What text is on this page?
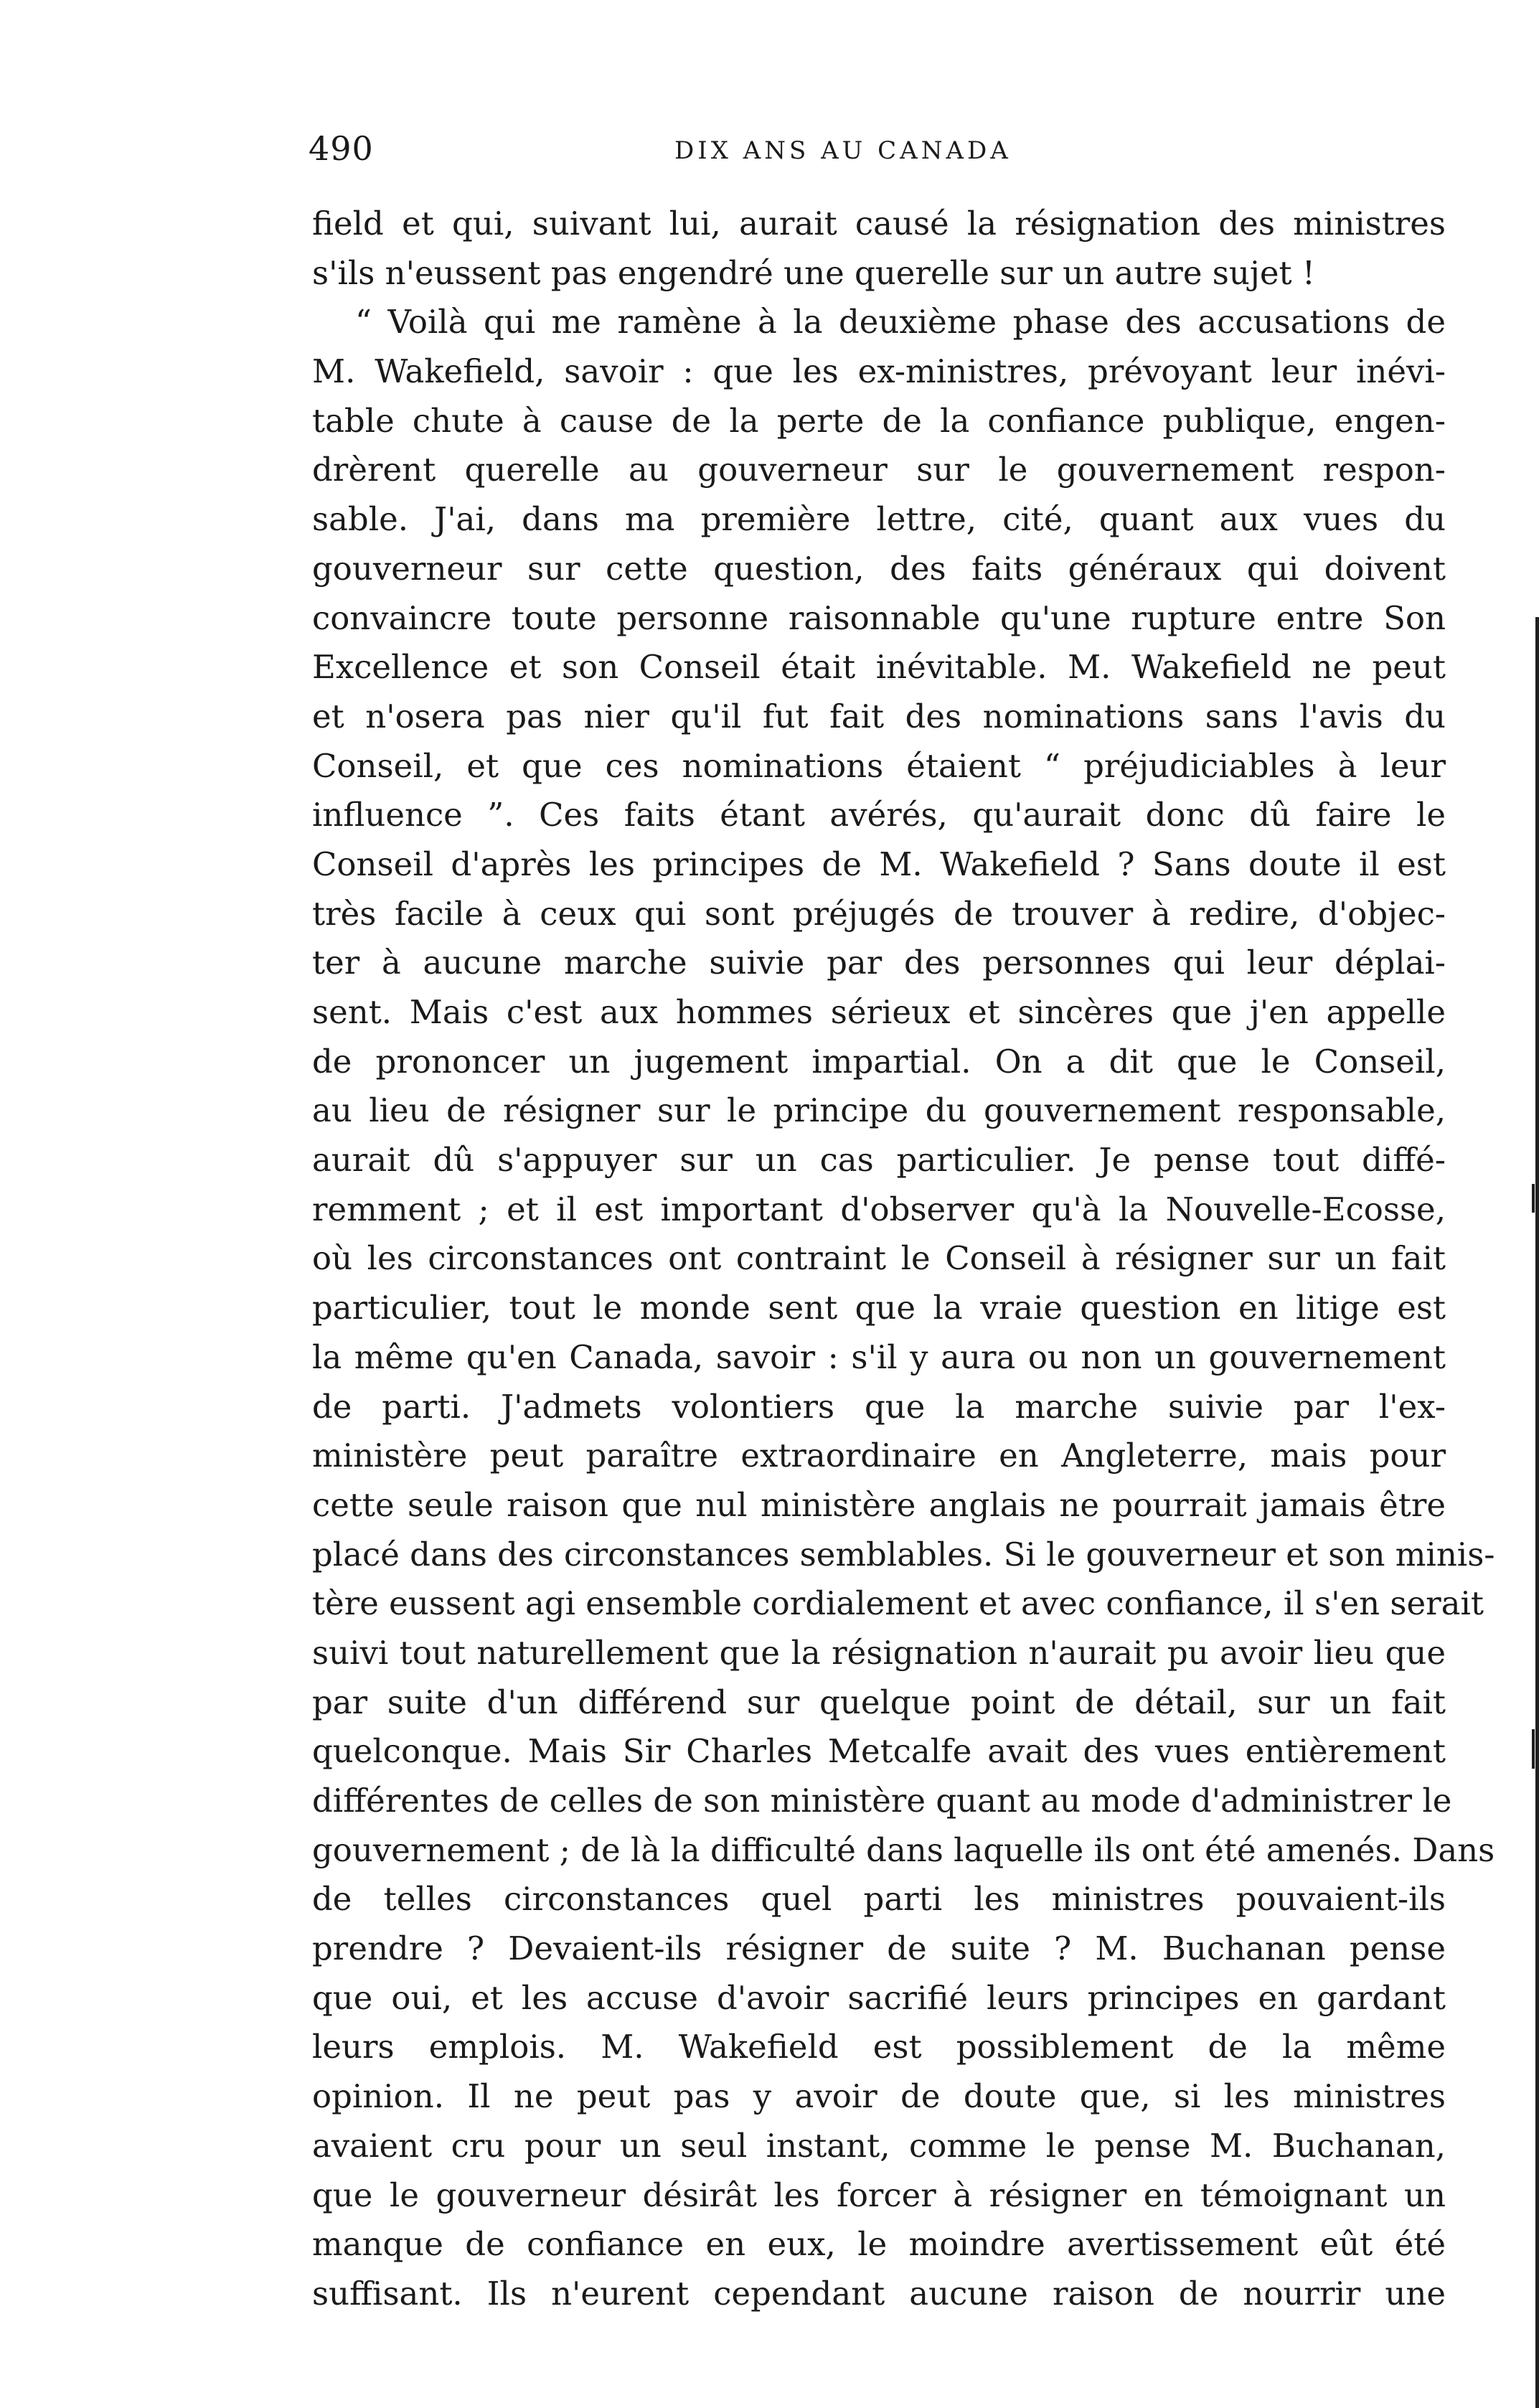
490	DIX ANS AU CANADA
field et qui, suivant lui, aurait causé la résignation des ministres
s'ils n'eussent pas engendré une querelle sur un autre sujet !
“ Voilà qui me ramène à la deuxième phase des accusations de
M. Wakefield, savoir : que les ex-ministres, prévoyant leur inévi-
table chute à cause de la perte de la confiance publique, engen-
drèrent querelle au gouverneur sur le gouvernement respon-
sable. J'ai, dans ma première lettre, cité, quant aux vues du
gouverneur sur cette question, des faits généraux qui doivent
convaincre toute personne raisonnable qu'une rupture entre Son
Excellence et son Conseil était inévitable. M. Wakefield ne peut
et n'osera pas nier qu'il fut fait des nominations sans l'avis du
Conseil, et que ces nominations étaient “ préjudiciables à leur
influence ”. Ces faits étant avérés, qu'aurait donc dû faire le
Conseil d'après les principes de M. Wakefield ? Sans doute il est
très facile à ceux qui sont préjugés de trouver à redire, d'objec-
ter à aucune marche suivie par des personnes qui leur déplai-
sent. Mais c'est aux hommes sérieux et sincères que j'en appelle
de prononcer un jugement impartial. On a dit que le Conseil,
au lieu de résigner sur le principe du gouvernement responsable,
aurait dû s'appuyer sur un cas particulier. Je pense tout diffé-
remment ; et il est important d'observer qu'à la Nouvelle-Ecosse,
où les circonstances ont contraint le Conseil à résigner sur un fait
particulier, tout le monde sent que la vraie question en litige est
la même qu'en Canada, savoir : s'il y aura ou non un gouvernement
de parti. J'admets volontiers que la marche suivie par l'ex-
ministère peut paraître extraordinaire en Angleterre, mais pour
cette seule raison que nul ministère anglais ne pourrait jamais être
placé dans des circonstances semblables. Si le gouverneur et son minis-
tère eussent agi ensemble cordialement et avec confiance, il s'en serait
suivi tout naturellement que la résignation n'aurait pu avoir lieu que
par suite d'un différend sur quelque point de détail, sur un fait
quelconque. Mais Sir Charles Metcalfe avait des vues entièrement
différentes de celles de son ministère quant au mode d'administrer le
gouvernement ; de là la difficulté dans laquelle ils ont été amenés. Dans
de telles circonstances quel parti les ministres pouvaient-ils
prendre ? Devaient-ils résigner de suite ? M. Buchanan pense
que oui, et les accuse d'avoir sacrifié leurs principes en gardant
leurs emplois. M. Wakefield est possiblement de la même
opinion. Il ne peut pas y avoir de doute que, si les ministres
avaient cru pour un seul instant, comme le pense M. Buchanan,
que le gouverneur désirât les forcer à résigner en témoignant un
manque de confiance en eux, le moindre avertissement eût été
suffisant. Ils n'eurent cependant aucune raison de nourrir une
